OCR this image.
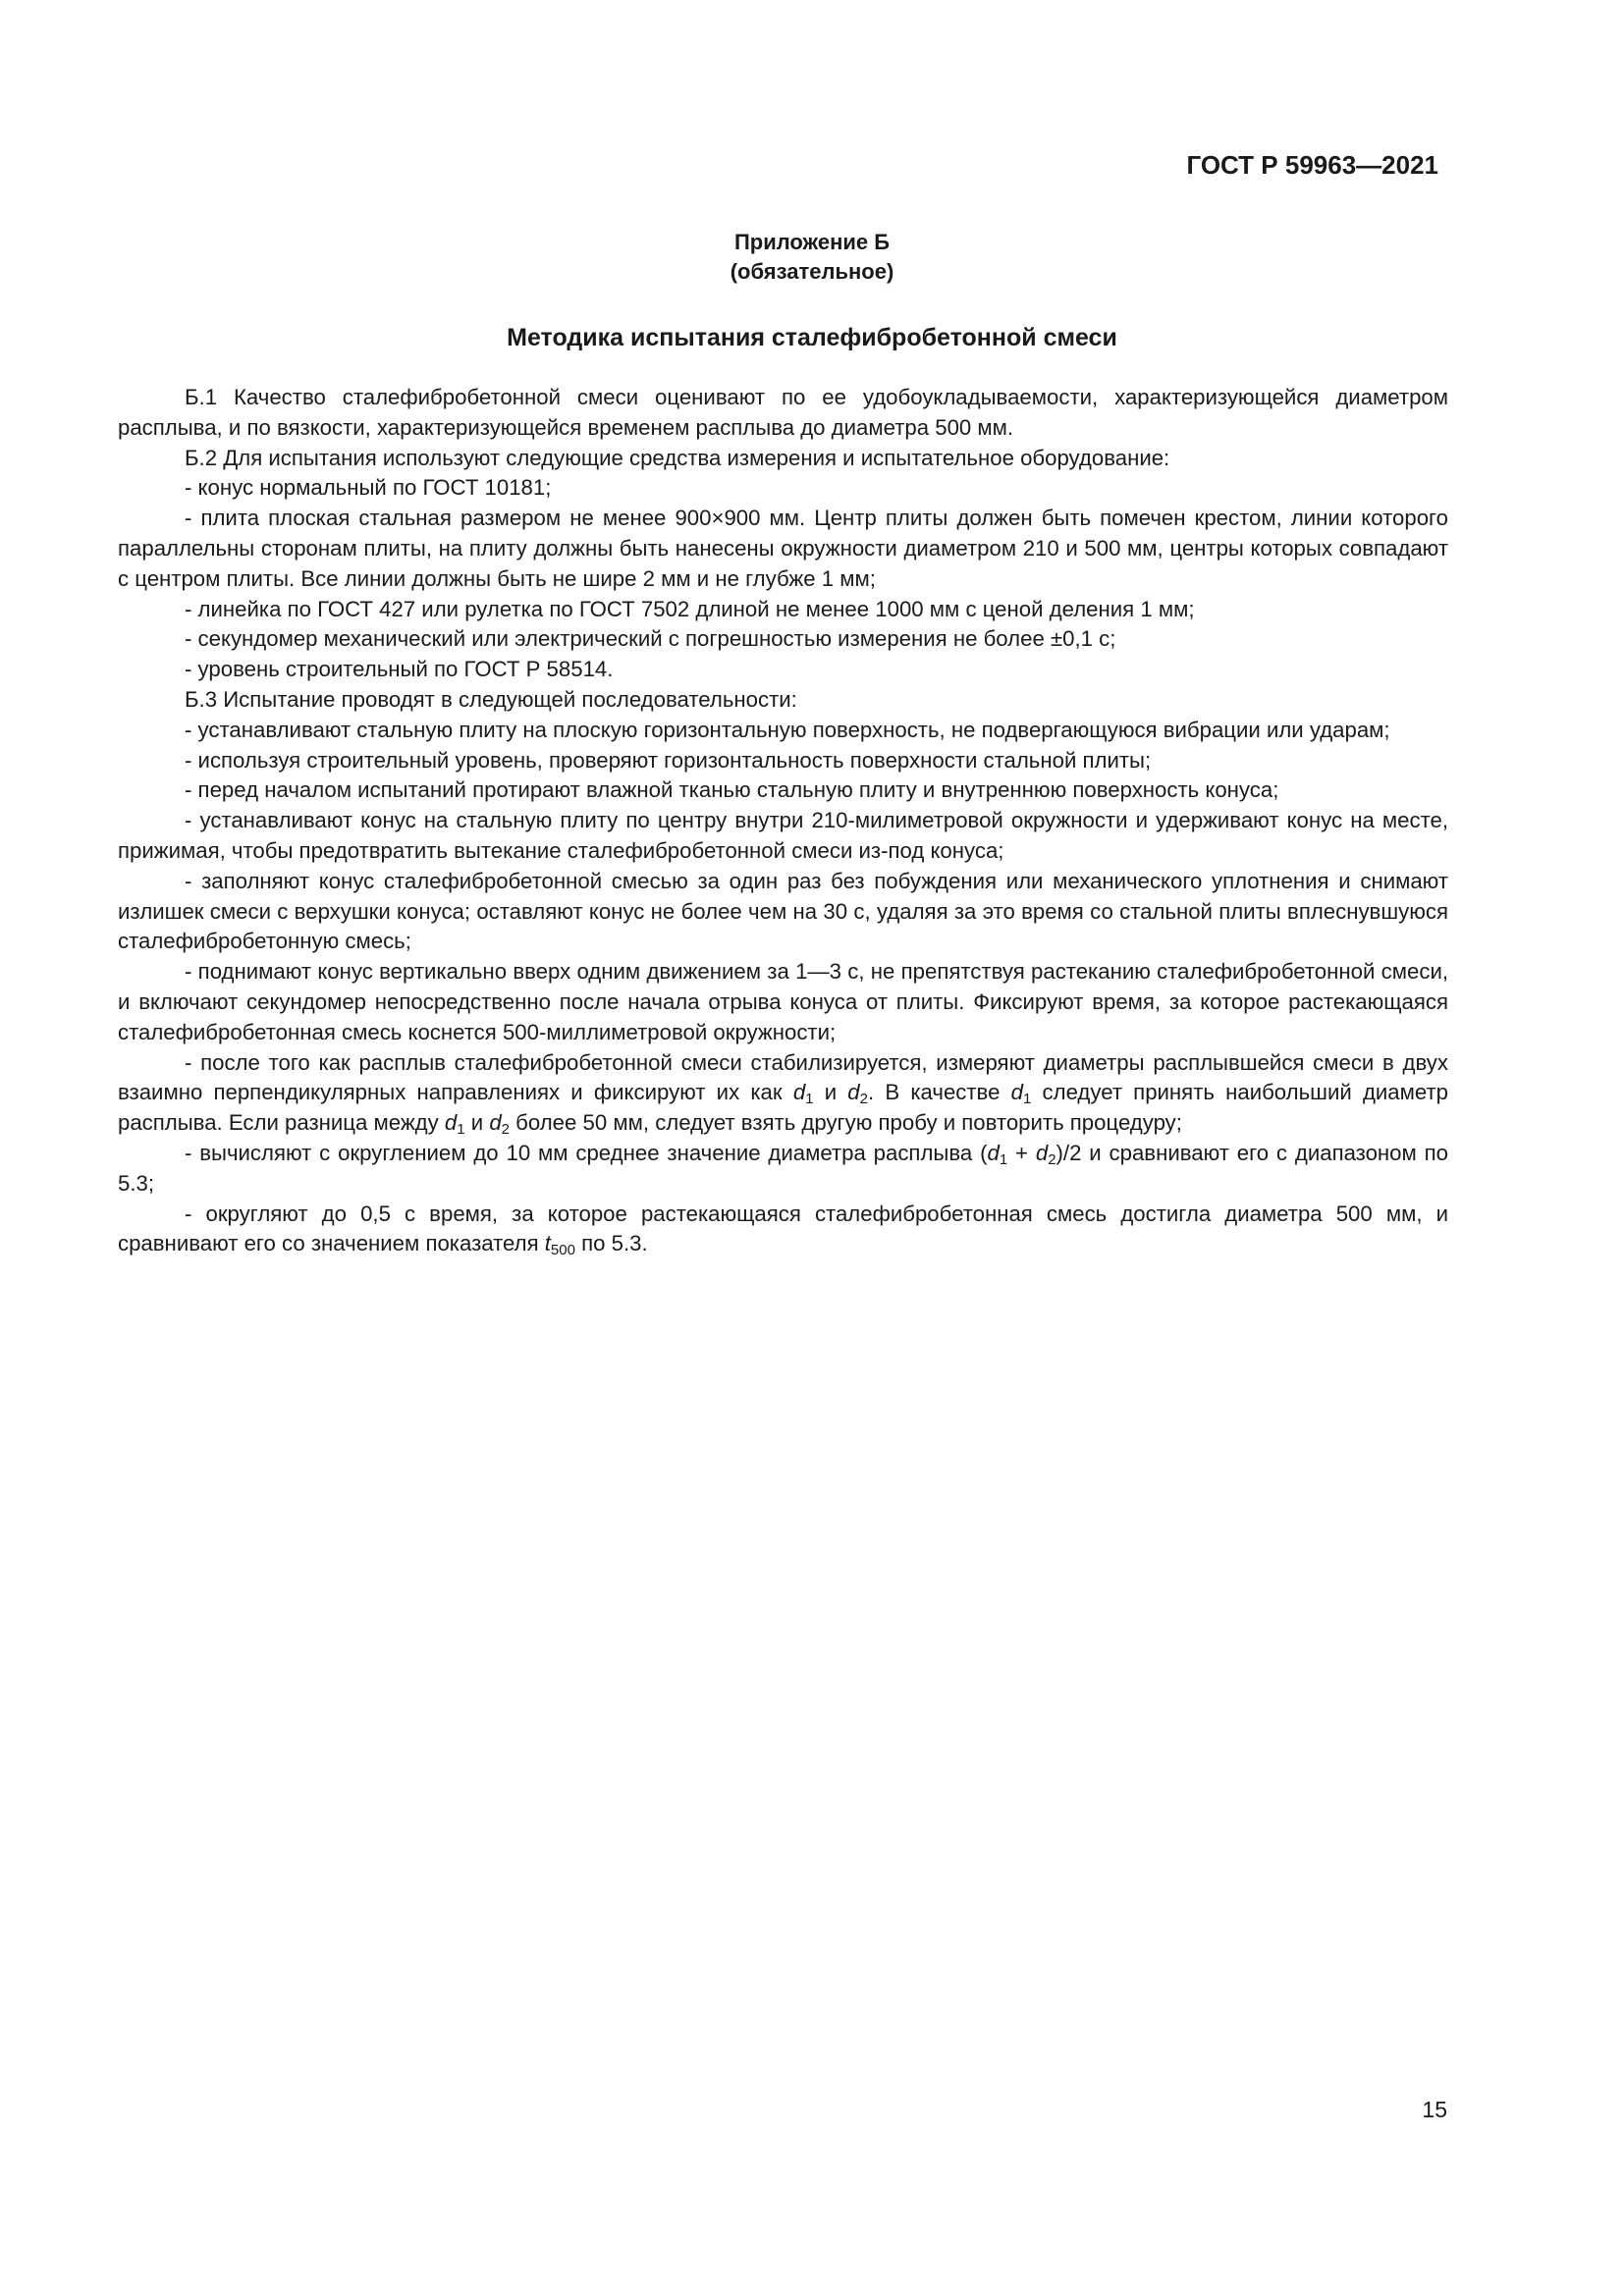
ГОСТ Р 59963—2021
Приложение Б
(обязательное)
Методика испытания сталефибробетонной смеси

Б.1 Качество сталефибробетонной смеси оценивают по ее удобоукладываемости, характеризующейся диаметром расплыва, и по вязкости, характеризующейся временем расплыва до диаметра 500 мм.

Б.2 Для испытания используют следующие средства измерения и испытательное оборудование:

- конус нормальный по ГОСТ 10181;

- плита плоская стальная размером не менее 900×900 мм. Центр плиты должен быть помечен крестом, линии которого параллельны сторонам плиты, на плиту должны быть нанесены окружности диаметром 210 и 500 мм, центры которых совпадают с центром плиты. Все линии должны быть не шире 2 мм и не глубже 1 мм;

- линейка по ГОСТ 427 или рулетка по ГОСТ 7502 длиной не менее 1000 мм с ценой деления 1 мм;

- секундомер механический или электрический с погрешностью измерения не более ±0,1 с;

- уровень строительный по ГОСТ Р 58514.

Б.3 Испытание проводят в следующей последовательности:

- устанавливают стальную плиту на плоскую горизонтальную поверхность, не подвергающуюся вибрации или ударам;

- используя строительный уровень, проверяют горизонтальность поверхности стальной плиты;

- перед началом испытаний протирают влажной тканью стальную плиту и внутреннюю поверхность конуса;

- устанавливают конус на стальную плиту по центру внутри 210-милиметровой окружности и удерживают конус на месте, прижимая, чтобы предотвратить вытекание сталефибробетонной смеси из-под конуса;

- заполняют конус сталефибробетонной смесью за один раз без побуждения или механического уплотнения и снимают излишек смеси с верхушки конуса; оставляют конус не более чем на 30 с, удаляя за это время со стальной плиты вплеснувшуюся сталефибробетонную смесь;

- поднимают конус вертикально вверх одним движением за 1—3 с, не препятствуя растеканию сталефибробетонной смеси, и включают секундомер непосредственно после начала отрыва конуса от плиты. Фиксируют время, за которое растекающаяся сталефибробетонная смесь коснется 500-миллиметровой окружности;

- после того как расплыв сталефибробетонной смеси стабилизируется, измеряют диаметры расплывшейся смеси в двух взаимно перпендикулярных направлениях и фиксируют их как $d_1$ и $d_2$. В качестве $d_1$ следует принять наибольший диаметр расплыва. Если разница между $d_1$ и $d_2$ более 50 мм, следует взять другую пробу и повторить процедуру;

- вычисляют с округлением до 10 мм среднее значение диаметра расплыва $(d_1 + d_2)/2$ и сравнивают его с диапазоном по 5.3;

- округляют до 0,5 с время, за которое растекающаяся сталефибробетонная смесь достигла диаметра 500 мм, и сравнивают его со значением показателя $t_{500}$ по 5.3.

15
